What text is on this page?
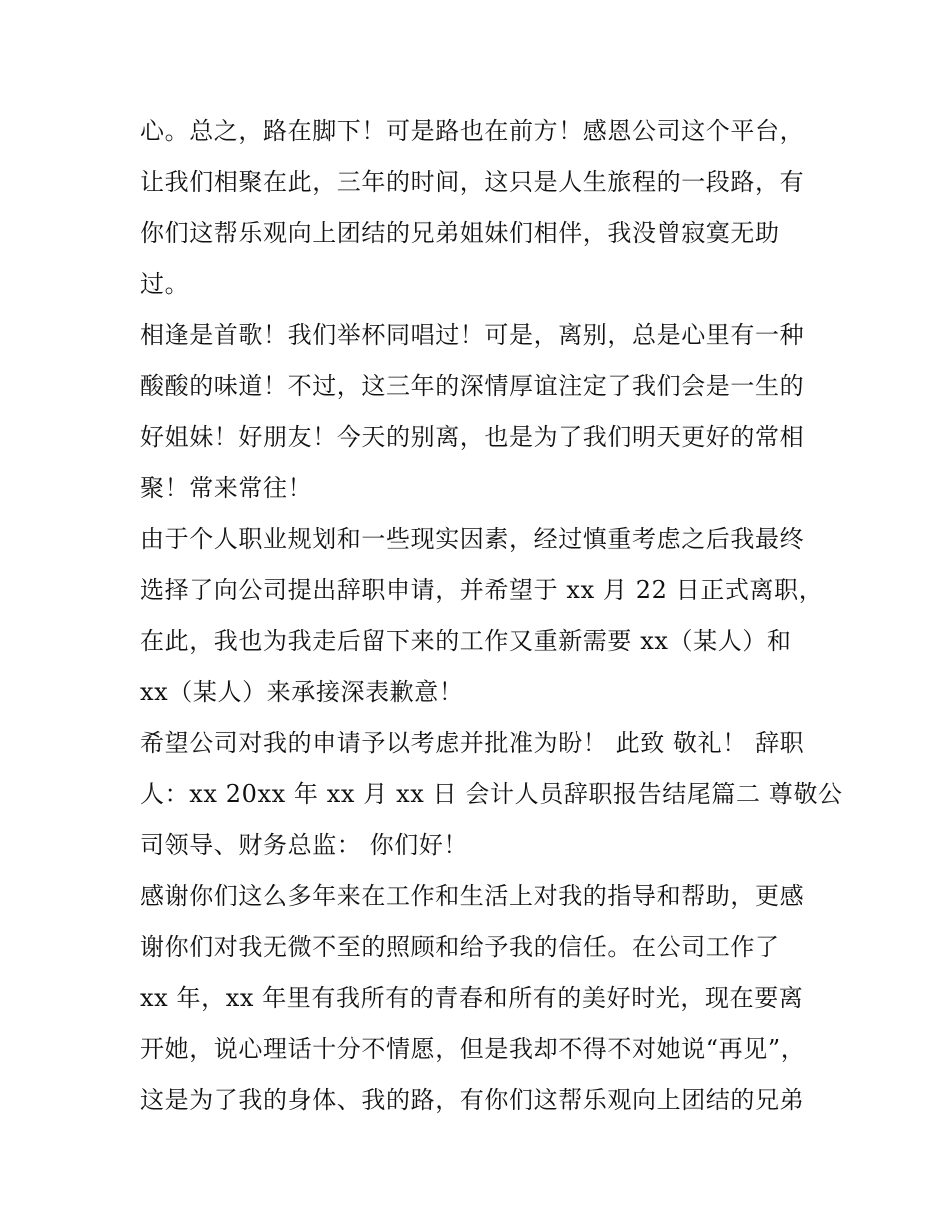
心。总之，路在脚下！可是路也在前方！感恩公司这个平台，
让我们相聚在此，三年的时间，这只是人生旅程的一段路，有
你们这帮乐观向上团结的兄弟姐妹们相伴，我没曾寂寞无助
过。
相逢是首歌！我们举杯同唱过！可是，离别，总是心里有一种
酸酸的味道！不过，这三年的深情厚谊注定了我们会是一生的
好姐妹！好朋友！今天的别离，也是为了我们明天更好的常相
聚！常来常往！
由于个人职业规划和一些现实因素，经过慎重考虑之后我最终
选择了向公司提出辞职申请，并希望于 xx 月 22 日正式离职，
在此，我也为我走后留下来的工作又重新需要 xx（某人）和
xx（某人）来承接深表歉意！
希望公司对我的申请予以考虑并批准为盼！ 此致 敬礼！ 辞职
人：xx 20xx 年 xx 月 xx 日 会计人员辞职报告结尾篇二 尊敬公
司领导、财务总监： 你们好！
感谢你们这么多年来在工作和生活上对我的指导和帮助，更感
谢你们对我无微不至的照顾和给予我的信任。在公司工作了
xx 年，xx 年里有我所有的青春和所有的美好时光，现在要离
开她，说心理话十分不情愿，但是我却不得不对她说“再见”，
这是为了我的身体、我的路，有你们这帮乐观向上团结的兄弟
